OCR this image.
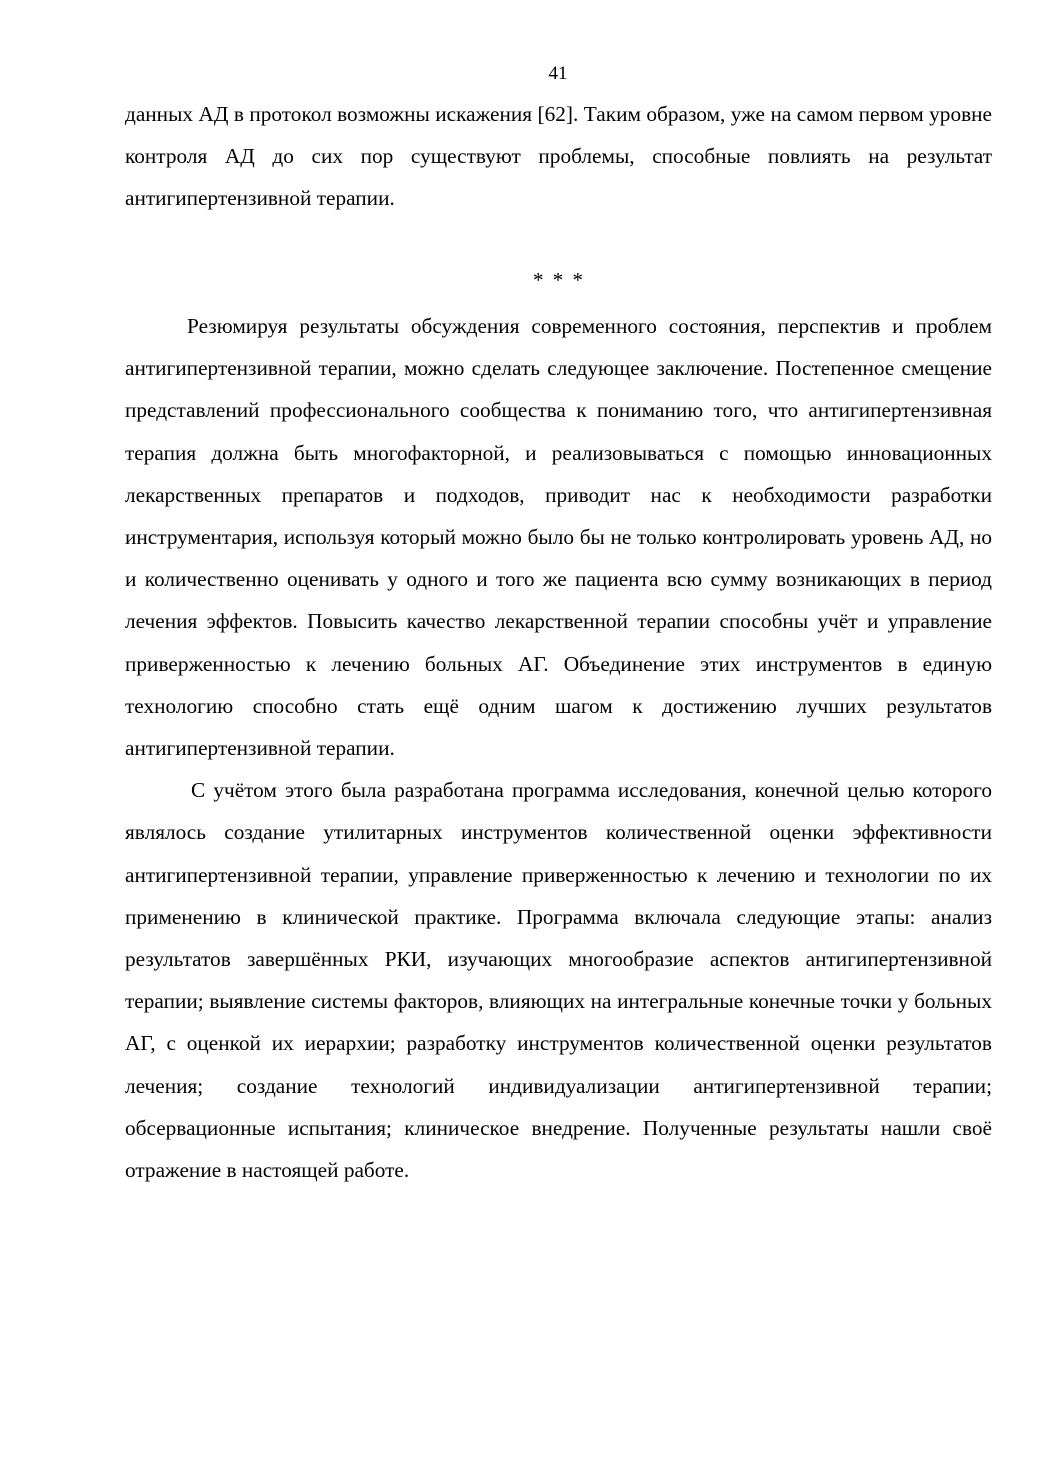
41

данных АД в протокол возможны искажения [62]. Таким образом, уже на самом первом уровне контроля АД до сих пор существуют проблемы, способные повлиять на результат антигипертензивной терапии.

* * *

Резюмируя результаты обсуждения современного состояния, перспектив и проблем антигипертензивной терапии, можно сделать следующее заключение. Постепенное смещение представлений профессионального сообщества к пониманию того, что антигипертензивная терапия должна быть многофакторной, и реализовываться с помощью инновационных лекарственных препаратов и подходов, приводит нас к необходимости разработки инструментария, используя который можно было бы не только контролировать уровень АД, но и количественно оценивать у одного и того же пациента всю сумму возникающих в период лечения эффектов. Повысить качество лекарственной терапии способны учёт и управление приверженностью к лечению больных АГ. Объединение этих инструментов в единую технологию способно стать ещё одним шагом к достижению лучших результатов антигипертензивной терапии.

С учётом этого была разработана программа исследования, конечной целью которого являлось создание утилитарных инструментов количественной оценки эффективности антигипертензивной терапии, управление приверженностью к лечению и технологии по их применению в клинической практике. Программа включала следующие этапы: анализ результатов завершённых РКИ, изучающих многообразие аспектов антигипертензивной терапии; выявление системы факторов, влияющих на интегральные конечные точки у больных АГ, с оценкой их иерархии; разработку инструментов количественной оценки результатов лечения; создание технологий индивидуализации антигипертензивной терапии; обсервационные испытания; клиническое внедрение. Полученные результаты нашли своё отражение в настоящей работе.
